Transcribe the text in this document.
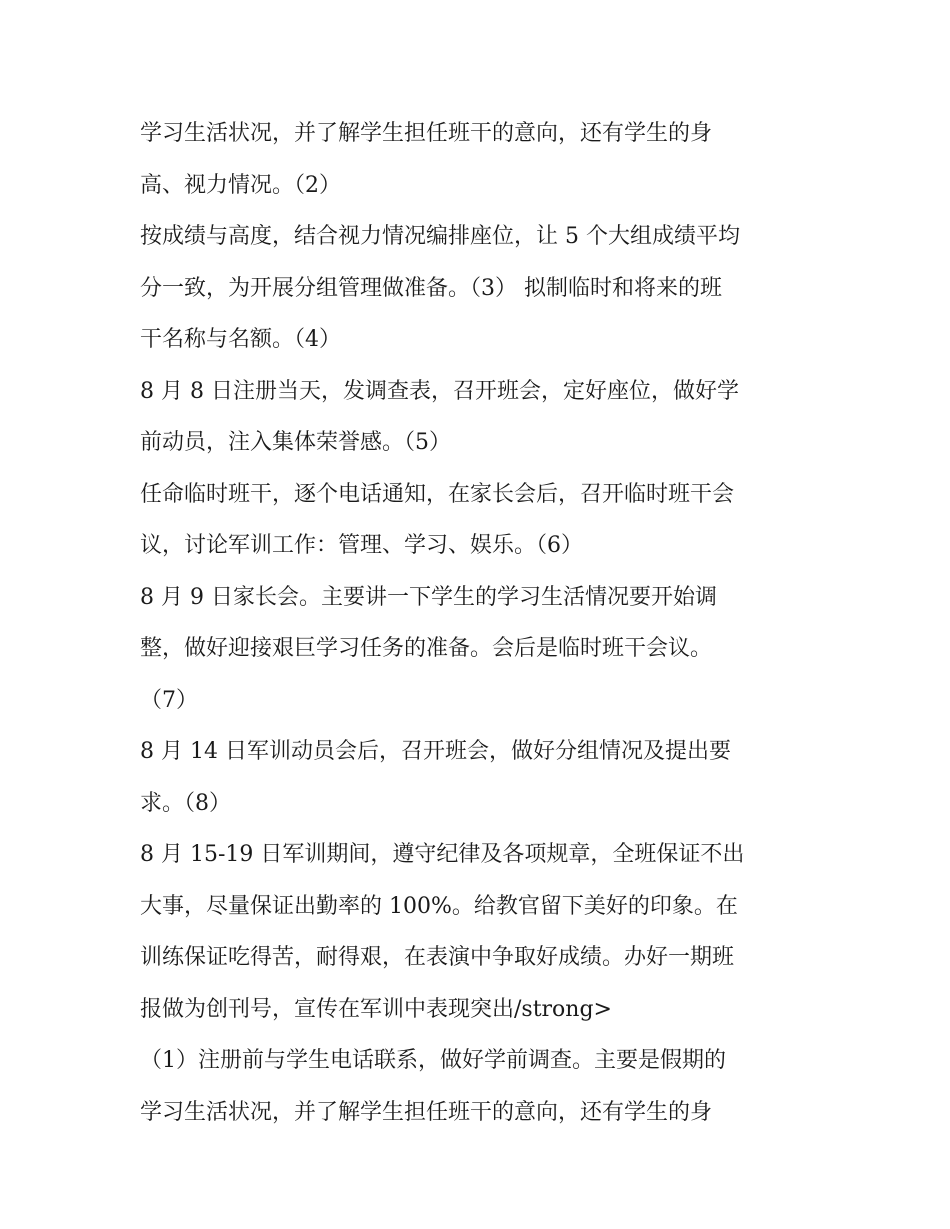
学习生活状况，并了解学生担任班干的意向，还有学生的身
高、视力情况。（2）
按成绩与高度，结合视力情况编排座位，让 5 个大组成绩平均
分一致，为开展分组管理做准备。（3） 拟制临时和将来的班
干名称与名额。（4）
8 月 8 日注册当天，发调查表，召开班会，定好座位，做好学
前动员，注入集体荣誉感。（5）
任命临时班干，逐个电话通知，在家长会后，召开临时班干会
议，讨论军训工作：管理、学习、娱乐。（6）
8 月 9 日家长会。主要讲一下学生的学习生活情况要开始调
整，做好迎接艰巨学习任务的准备。会后是临时班干会议。
（7）
8 月 14 日军训动员会后，召开班会，做好分组情况及提出要
求。（8）
8 月 15-19 日军训期间，遵守纪律及各项规章，全班保证不出
大事，尽量保证出勤率的 100%。给教官留下美好的印象。在
训练保证吃得苦，耐得艰，在表演中争取好成绩。办好一期班
报做为创刊号，宣传在军训中表现突出/strong>
（1）注册前与学生电话联系，做好学前调查。主要是假期的
学习生活状况，并了解学生担任班干的意向，还有学生的身
